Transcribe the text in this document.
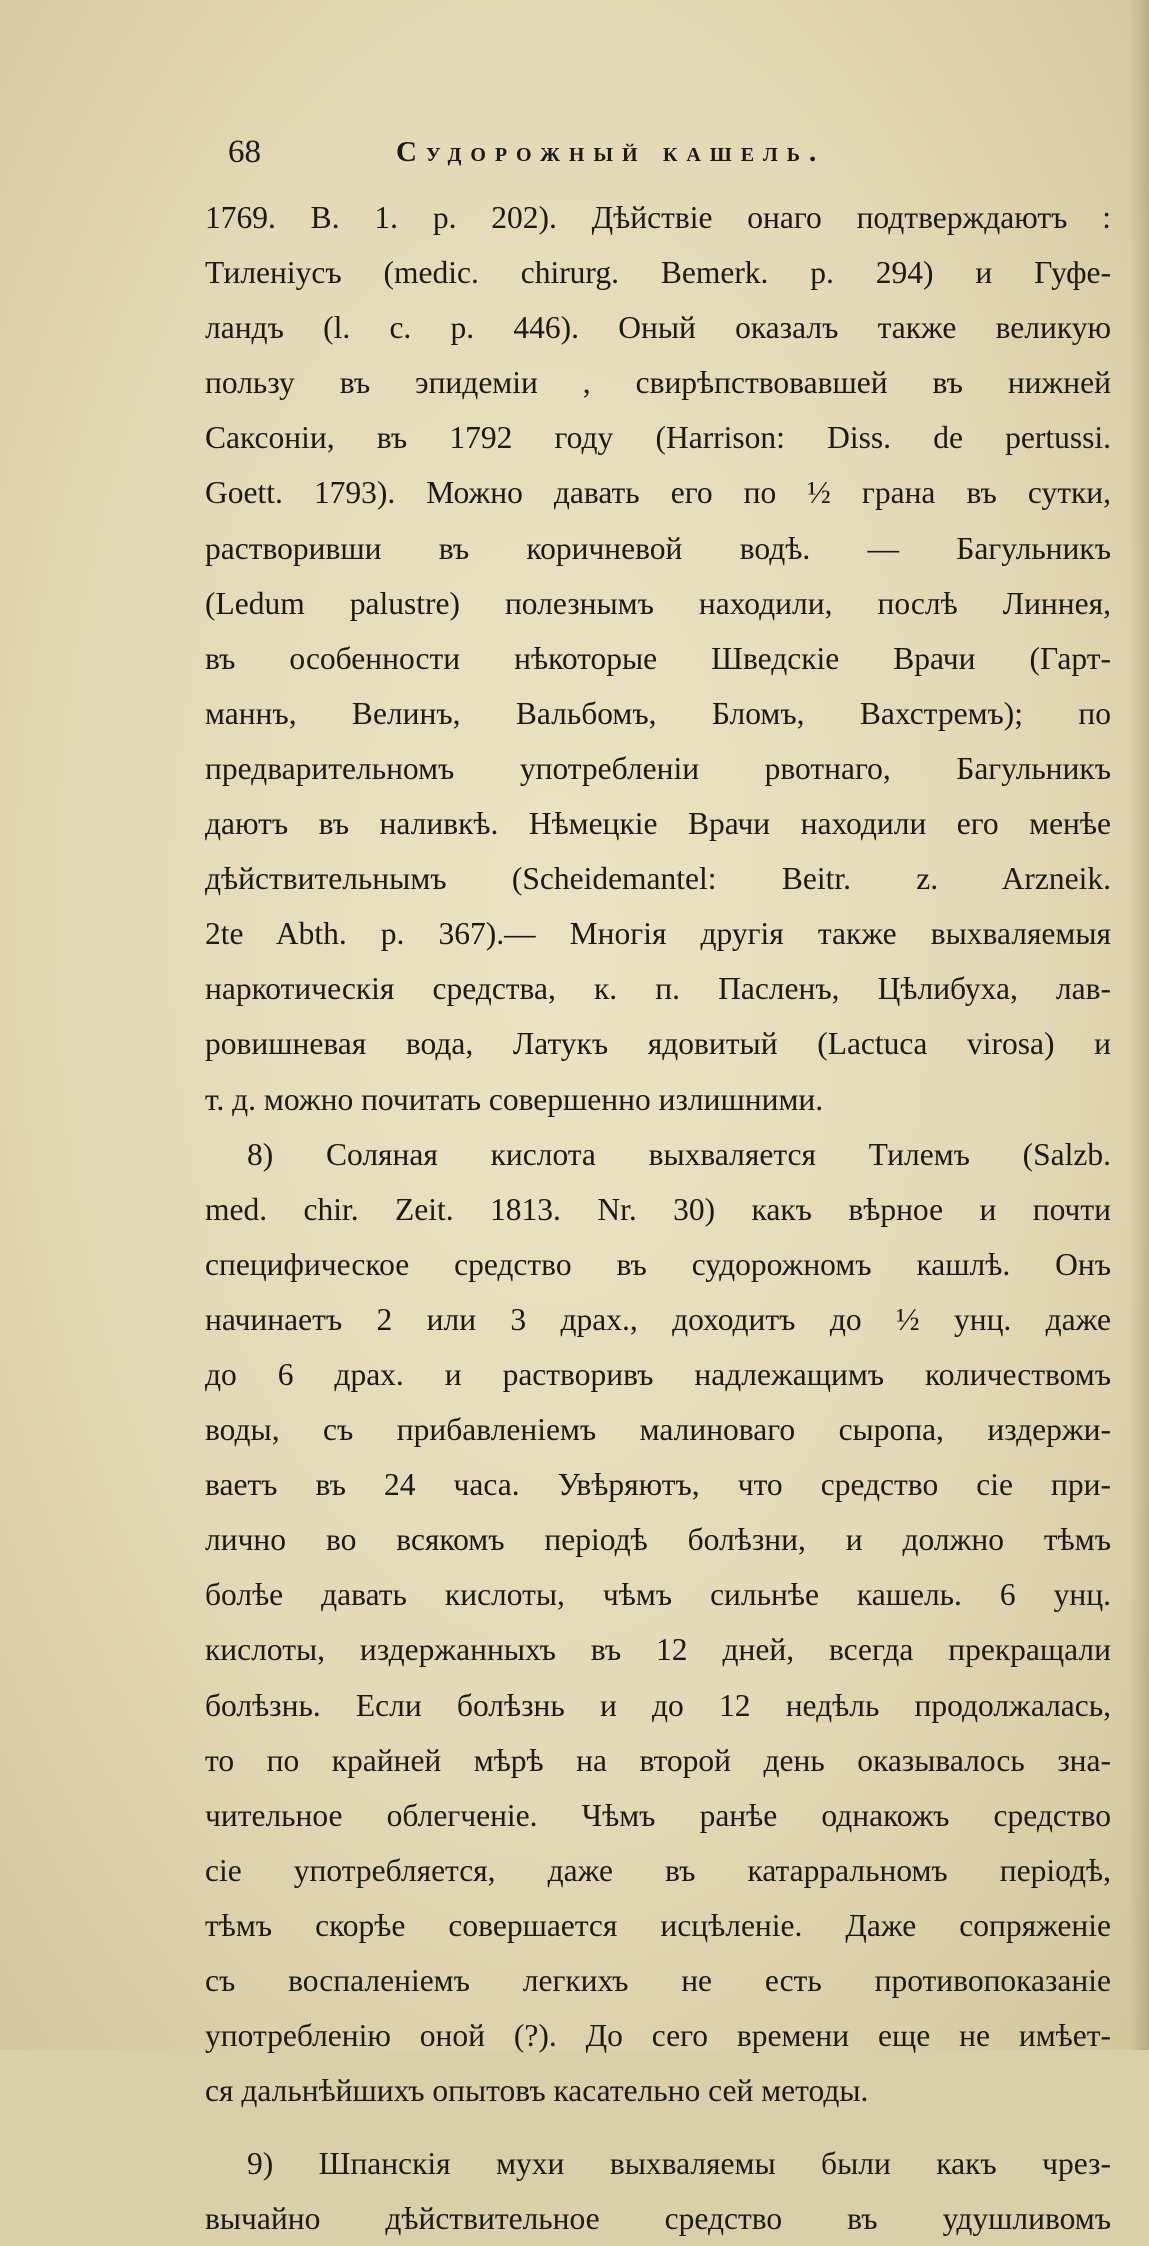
68	Судорожный кашель.
1769. B. 1. p. 202). Дѣйствіе онаго подтверждаютъ :
Тиленіусъ (medic. chirurg. Bemerk. p. 294) и Гуфе-
ландъ (l. c. p. 446). Оный оказалъ также великую
пользу въ эпидеміи , свирѣпствовавшей въ нижней
Саксоніи, въ 1792 году (Harrison: Diss. de pertussi.
Goett. 1793). Можно давать его по ½ грана въ сутки,
растворивши въ коричневой водѣ. — Багульникъ
(Ledum palustre) полезнымъ находили, послѣ Линнея,
въ особенности нѣкоторые Шведскіе Врачи (Гарт-
маннъ, Велинъ, Вальбомъ, Бломъ, Вахстремъ); по
предварительномъ употребленіи рвотнаго, Багульникъ
даютъ въ наливкѣ. Нѣмецкіе Врачи находили его менѣе
дѣйствительнымъ (Scheidemantel: Beitr. z. Arzneik.
2te Abth. p. 367).— Многія другія также выхваляемыя
наркотическія средства, к. п. Пасленъ, Цѣлибуха, лав-
ровишневая вода, Латукъ ядовитый (Lactuca virosa) и
т. д. можно почитать совершенно излишними.
8) Соляная кислота выхваляется Тилемъ (Salzb.
med. chir. Zeit. 1813. Nr. 30) какъ вѣрное и почти
специфическое средство въ судорожномъ кашлѣ. Онъ
начинаетъ 2 или 3 драх., доходитъ до ½ унц. даже
до 6 драх. и растворивъ надлежащимъ количествомъ
воды, съ прибавленіемъ малиноваго сыропа, издержи-
ваетъ въ 24 часа. Увѣряютъ, что средство сіе при-
лично во всякомъ періодѣ болѣзни, и должно тѣмъ
болѣе давать кислоты, чѣмъ сильнѣе кашель. 6 унц.
кислоты, издержанныхъ въ 12 дней, всегда прекращали
болѣзнь. Если болѣзнь и до 12 недѣль продолжалась,
то по крайней мѣрѣ на второй день оказывалось зна-
чительное облегченіе. Чѣмъ ранѣе однакожъ средство
сіе употребляется, даже въ катарральномъ періодѣ,
тѣмъ скорѣе совершается исцѣленіе. Даже сопряженіе
съ воспаленіемъ легкихъ не есть противопоказаніе
употребленію оной (?). До сего времени еще не имѣет-
ся дальнѣйшихъ опытовъ касательно сей методы.
9) Шпанскія мухи выхваляемы были какъ чрез-
вычайно дѣйствительное средство въ удушливомъ
